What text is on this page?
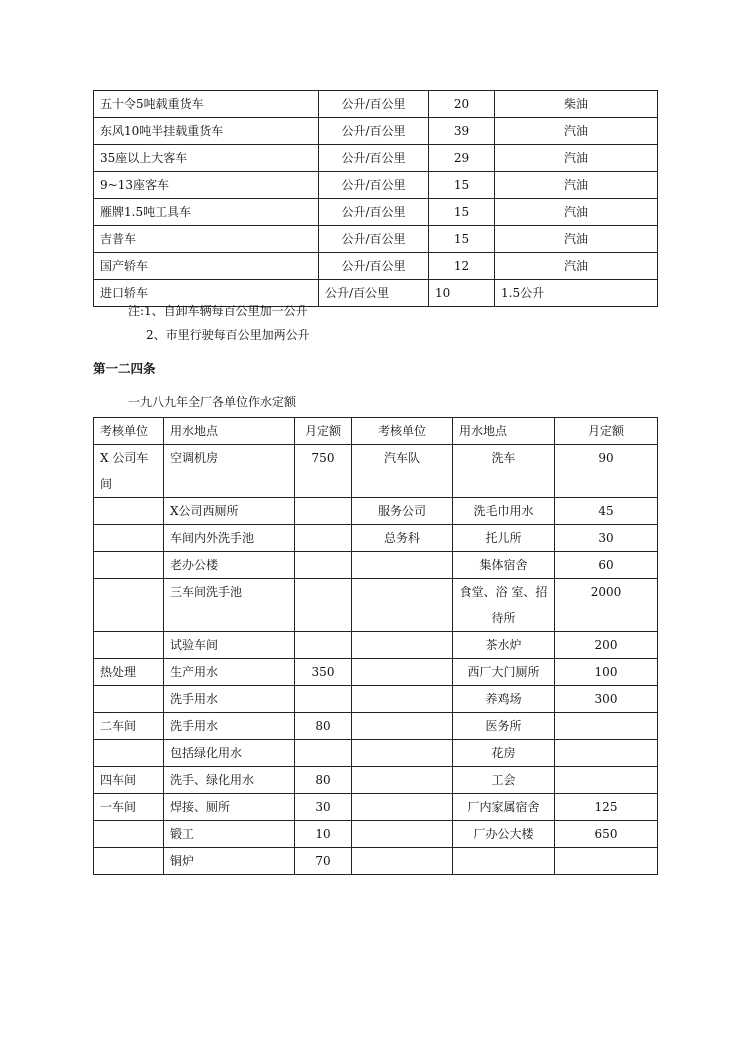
五十令5吨载重货车	公升/百公里	20	柴油
东风10吨半挂载重货车	公升/百公里	39	汽油
35座以上大客车	公升/百公里	29	汽油
9~13座客车	公升/百公里	15	汽油
雁牌1.5吨工具车	公升/百公里	15	汽油
吉普车	公升/百公里	15	汽油
国产轿车	公升/百公里	12	汽油
进口轿车	公升/百公里	10	1.5公升
注:1、自卸车辆每百公里加一公升
2、市里行驶每百公里加两公升
第一二四条
一九八九年全厂各单位作水定额
考核单位	用水地点	月定额	考核单位	用水地点	月定额
X 公司车间	空调机房	750	汽车队	洗车	90
	X公司西厕所		服务公司	洗毛巾用水	45
	车间内外洗手池		总务科	托儿所	30
	老办公楼			集体宿舍	60
	三车间洗手池			食堂、浴 室、招待所	2000
	试验车间			茶水炉	200
热处理	生产用水	350		西厂大门厕所	100
	洗手用水			养鸡场	300
二车间	洗手用水	80		医务所	
	包括绿化用水			花房	
四车间	洗手、绿化用水	80		工会	
一车间	焊接、厕所	30		厂内家属宿舍	125
	锻工	10		厂办公大楼	650
	铜炉	70			
